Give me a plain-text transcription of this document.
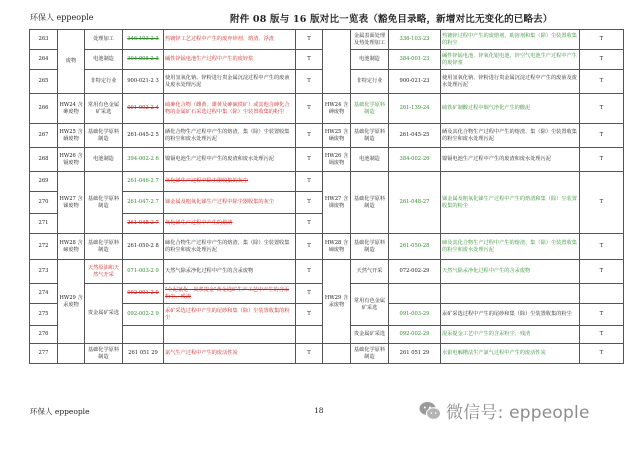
环保人 eppeople	附件 08 版与 16 版对比一览表（豁免目录略，新增对比无变化的已略去）
263	废物	处理加工	346-103-2 3	热镀锌工艺过程中产生的废弃锌剂、熔渣、浮渣	T		金属表面处理及热处理加工	336-103-23	热镀锌过程中产生的废熔剂、助溶剂和集（除）尘装置收集的粉尘	T
264		电池制造	394-005-2 3	碱性锌锰电池生产过程中产生的废锌浆	T		电池制造	384-001-23	碱性锌锰电池、锌氧化银电池、锌空气电池生产过程中产生的废锌浆	T
265		非特定行业	900-021-2 3	使用氢氧化钠、锌粉进行贵金属沉淀过程中产生的废液及废水处理污泥	T		非特定行业	900-021-23	使用氢氧化钠、锌粉进行贵金属沉淀过程中产生的废液及废水处理污泥	T
266	HW24 含砷废物	常用有色金属矿采选	091-002-2 4	硫砷化合物（雌黄、雄黄及砷硫铁矿）或其他含砷化合物的金属矿石采选过程中集（除）尘装置收集的粉尘	T	HW24 含砷废物	基础化学原料制造	261-139-24	硫铁矿制酸过程中烟气净化产生的酸泥	T
267	HW25 含硒废物	基础化学原料制造	261-045-2 5	硒化合物生产过程中产生的熔渣、集（除）尘装置收集的粉尘和废水处理污泥	T	HW25 含硒废物	基础化学原料制造	261-045-25	硒及其化合物生产过程中产生的熔渣、集（除）尘装置收集的粉尘和废水处理污泥	T
268	HW26 含镉废物	电池制造	394-002-2 6	镍镉电池生产过程中产生的废渣和废水处理污泥	T	HW26 含镉废物	电池制造	384-002-26	镍镉电池生产过程中产生的废渣和废水处理污泥	T
269	HW27 含锑废物	基础化学原料制造	261-046-2 7	氧化锑生产过程中除尘器收集的灰尘	T	HW27 含锑废物	基础化学原料制造	261-048-27	锑金属及粗氧化锑生产过程中产生的熔渣和集（除）尘装置收集的粉尘	T
270			261-047-2 7	锑金属及粗氧化锑生产过程中除尘器收集的灰尘	T					
271			261-048-2 7	氧化锑生产过程中产生的熔渣	T					
272	HW28 含碲废物	基础化学原料制造	261-050-2 8	碲化合物生产过程中产生的熔渣、集（除）尘装置收集的粉尘和废水处理污泥	T	HW28 含碲废物	基础化学原料制造	261-050-28	碲及其化合物生产过程中产生的熔渣、集（除）尘装置收集的粉尘和废水处理污泥	T
273	HW29 含汞废物	天然原油和天然气开采	071-003-2 9	天然气除汞净化过程中产生的含汞废物	T	HW29 含汞废物	天然气开采	072-002-29	天然气除汞净化过程中产生的含汞废物	T
274		贵金属矿采选	092-001-2 9	"全泥氰化－炭浆提金"黄金选矿生产工艺中产生的含汞粉尘、残渣	T		常用有色金属矿采选			
275			092-002-2 9	汞矿采选过程中产生的尾砂和集（除）尘装置收集的粉尘	T			091-003-29	汞矿采选过程中产生的尾砂和集（除）尘装置收集的粉尘	T
276							贵金属矿采选	092-002-29	混汞提金工艺中产生的含汞粉尘、残渣	T
277		基础化学原料制造	261 051 29	氯气生产过程中产生的废活性炭	T		基础化学原料制造	261 051 29	水银电解槽法生产氯气过程中产生的废活性炭	T
环保人 eppeople	18	微信号: eppeople
